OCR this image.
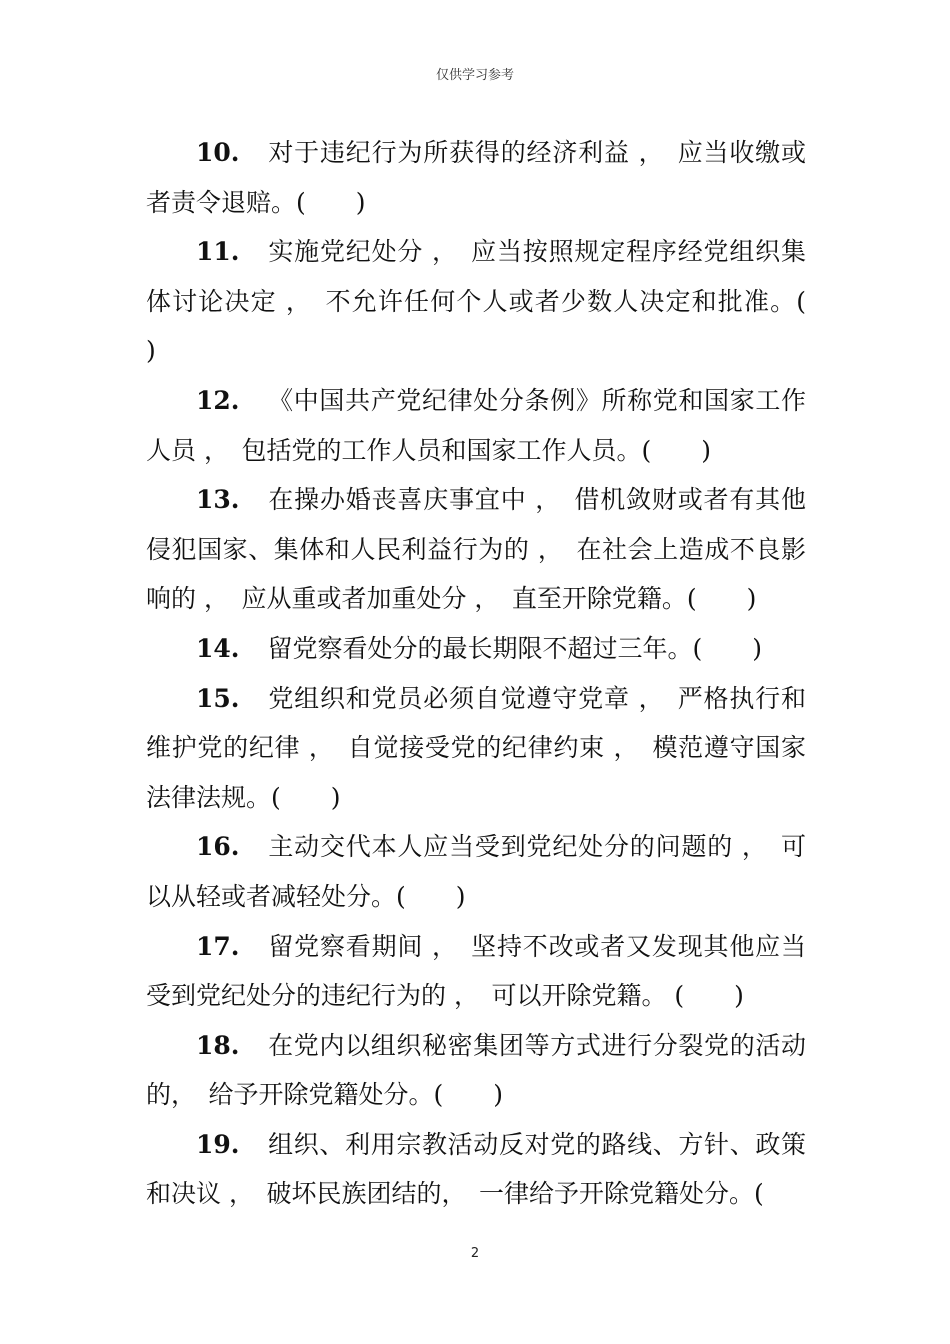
仅供学习参考

10. 对于违纪行为所获得的经济利益 ，　应当收缴或者责令退赔。(　　)

11. 实施党纪处分 ，　应当按照规定程序经党组织集体讨论决定 ，　不允许任何个人或者少数人决定和批准。(　　)

12. 《中国共产党纪律处分条例》所称党和国家工作人员 ，　包括党的工作人员和国家工作人员。(　　)

13. 在操办婚丧喜庆事宜中 ，　借机敛财或者有其他侵犯国家、集体和人民利益行为的 ，　在社会上造成不良影响的 ，　应从重或者加重处分 ，　直至开除党籍。(　　)

14. 留党察看处分的最长期限不超过三年。(　　)

15. 党组织和党员必须自觉遵守党章 ，　严格执行和维护党的纪律 ，　自觉接受党的纪律约束 ，　模范遵守国家法律法规。(　　)

16. 主动交代本人应当受到党纪处分的问题的 ，　可以从轻或者减轻处分。(　　)

17. 留党察看期间 ，　坚持不改或者又发现其他应当受到党纪处分的违纪行为的 ，　可以开除党籍。 (　　)

18. 在党内以组织秘密集团等方式进行分裂党的活动的，　给予开除党籍处分。(　　)

19. 组织、利用宗教活动反对党的路线、方针、政策和决议 ，　破坏民族团结的，　一律给予开除党籍处分。(

2
